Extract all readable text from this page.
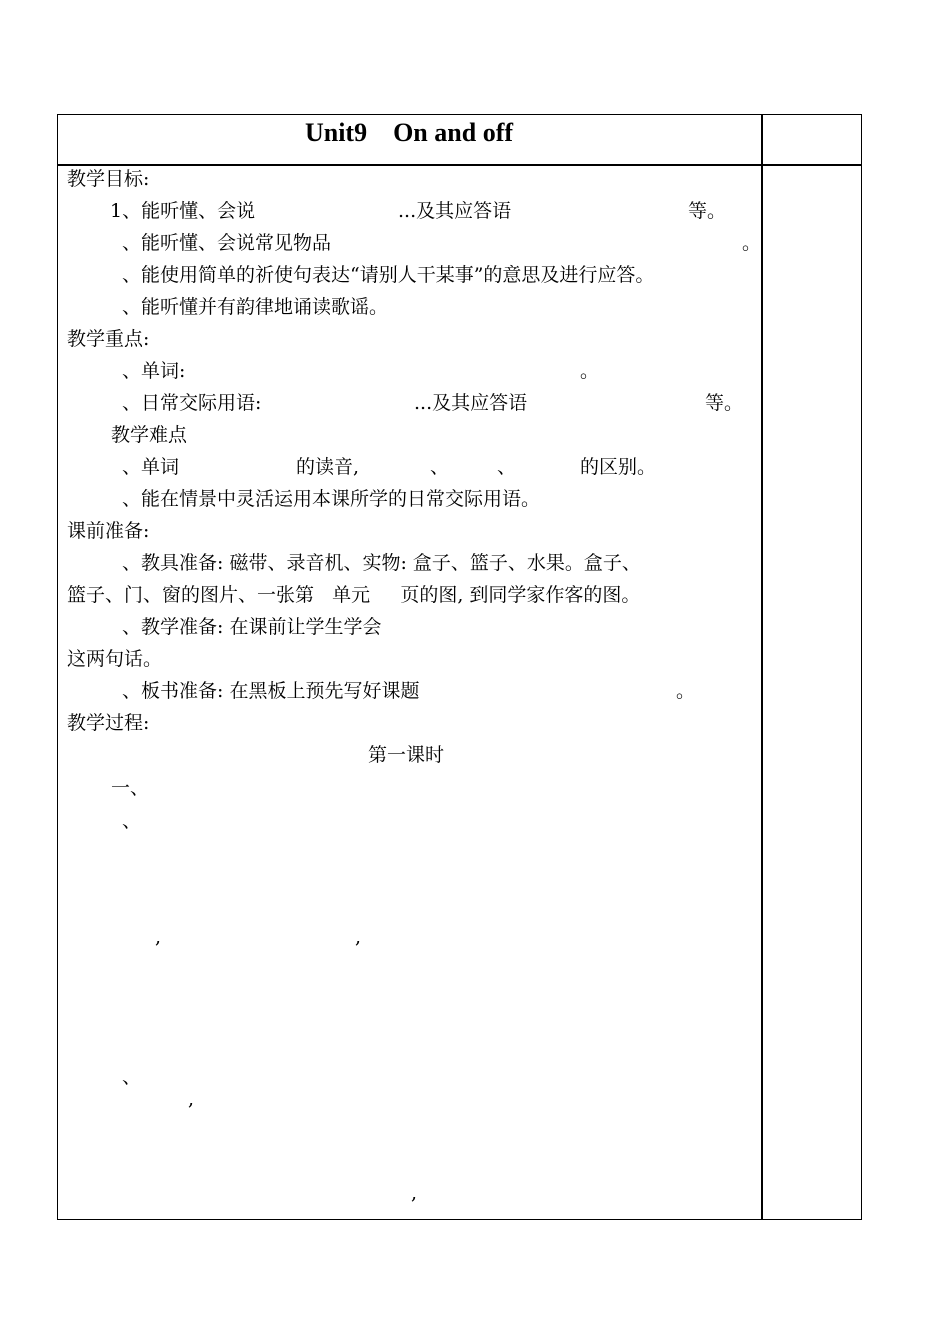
Unit9    On and off
教学目标:
1、能听懂、会说	...及其应答语	等。
、能听懂、会说常见物品	。
、能使用简单的祈使句表达“请别人干某事”的意思及进行应答。
、能听懂并有韵律地诵读歌谣。
教学重点:
、单词:	。
、日常交际用语:	...及其应答语	等。
教学难点
、单词	的读音,	、	、	的区别。
、能在情景中灵活运用本课所学的日常交际用语。
课前准备:
、教具准备: 磁带、录音机、实物: 盒子、篮子、水果。盒子、
篮子、门、窗的图片、一张第   单元     页的图, 到同学家作客的图。
、教学准备: 在课前让学生学会
这两句话。
、板书准备: 在黑板上预先写好课题	。
教学过程:
第一课时
一、
、
,	,
、
,
,
